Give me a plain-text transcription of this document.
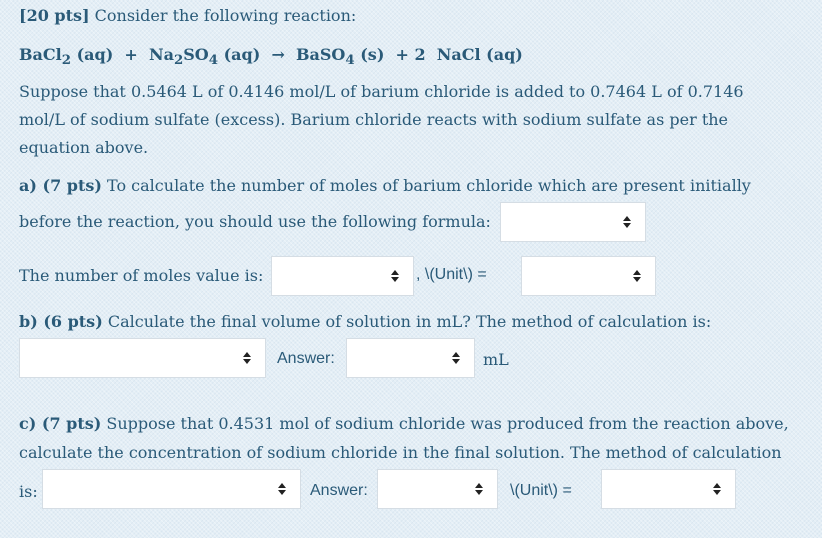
[20 pts] Consider the following reaction:
BaCl$_2$ $(aq) + Na_2SO_4$ (aq) → BaSO$_4$ (s) + 2 NaCl (aq)
Suppose that 0.5464 L of 0.4146 mol/L of barium chloride is added to 0.7464 L of 0.7146
mol/L of sodium sulfate (excess). Barium chloride reacts with sodium sulfate as per the
equation above.
a) (7 pts) To calculate the number of moles of barium chloride which are present initially
before the reaction, you should use the following formula:
The number of moles value is:	, \(Unit\) =
b) (6 pts) Calculate the final volume of solution in mL? The method of calculation is:
Answer:	mL
c) (7 pts) Suppose that 0.4531 mol of sodium chloride was produced from the reaction above,
calculate the concentration of sodium chloride in the final solution. The method of calculation
is:	Answer:	\(Unit\) =
